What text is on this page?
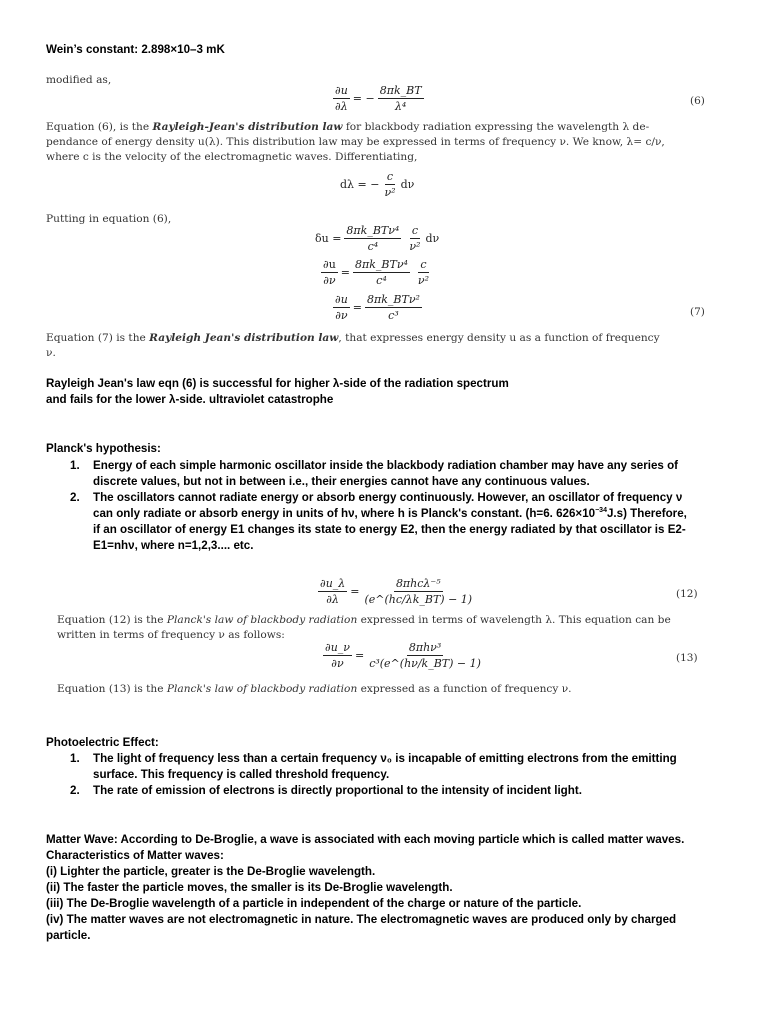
Wein’s constant: 2.898×10–3 mK
modified as,
$\frac{\partial u}{\partial\lambda}$ = − $\frac{8\pi k\_BT}{\text{λ⁴}}$	(6)
Equation (6), is the Rayleigh-Jean's distribution law for blackbody radiation expressing the wavelength λ de-
pendance of energy density u(λ). This distribution law may be expressed in terms of frequency ν. We know, λ= c/ν,
where c is the velocity of the electromagnetic waves. Differentiating,
dλ = − $\frac{c}{\text{ν²}}$ dν
Putting in equation (6),
$\delta u = \frac{\text{8πk\_BTν⁴}}{\text{c⁴}} \frac{c}{\text{ν²}}$ dν
$\frac{\partial u}{\partial\nu} = \frac{\text{8πk\_BTν⁴}}{\text{c⁴}} \frac{c}{\text{ν²}}$
$\frac{\partial u}{\partial\nu} = \frac{\text{8πk\_BTν²}}{\text{c³}}$	(7)
Equation (7) is the Rayleigh Jean's distribution law, that expresses energy density u as a function of frequency
ν.
Rayleigh Jean's law eqn (6) is successful for higher λ-side of the radiation spectrum
and fails for the lower λ-side. ultraviolet catastrophe
Planck's hypothesis:
1. Energy of each simple harmonic oscillator inside the blackbody radiation chamber may have any series of
discrete values, but not in between i.e., their energies cannot have any continuous values.
2. The oscillators cannot radiate energy or absorb energy continuously. However, an oscillator of frequency ν
can only radiate or absorb energy in units of hν, where h is Planck's constant. (h=6. $626\times 10^{-34}J.s$) Therefore,
if an oscillator of energy E1 changes its state to energy E2, then the energy radiated by that oscillator is E2-
E1=nhν, where n=1,2,3.... etc.
$\frac{\partial u\_\lambda}{\partial\lambda} = \frac{\text{8πhcλ⁻⁵}}{(e\^{}(hc/\lambda k\_BT) - 1)}$	(12)
Equation (12) is the Planck's law of blackbody radiation expressed in terms of wavelength λ. This equation can be
written in terms of frequency ν as follows:
$\frac{\partial u\_\nu}{\partial\nu} = \frac{\text{8πhν³}}{\text{c³(e\textasciicircum{}(hν/k\_BT) − 1)}}$	(13)
Equation (13) is the Planck's law of blackbody radiation expressed as a function of frequency ν.
Photoelectric Effect:
1. The light of frequency less than a certain frequency ν₀ is incapable of emitting electrons from the emitting
surface. This frequency is called threshold frequency.
2. The rate of emission of electrons is directly proportional to the intensity of incident light.
Matter Wave: According to De-Broglie, a wave is associated with each moving particle which is called matter waves.
Characteristics of Matter waves:
(i) Lighter the particle, greater is the De-Broglie wavelength.
(ii) The faster the particle moves, the smaller is its De-Broglie wavelength.
(iii) The De-Broglie wavelength of a particle in independent of the charge or nature of the particle.
(iv) The matter waves are not electromagnetic in nature. The electromagnetic waves are produced only by charged
particle.
